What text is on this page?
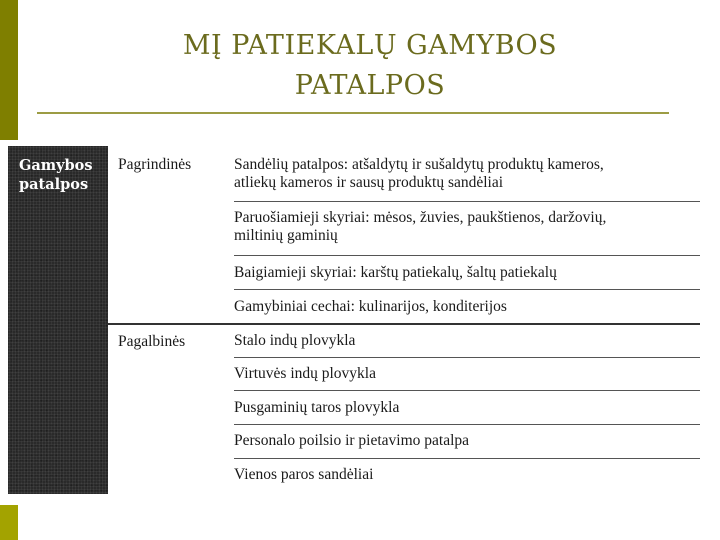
MĮ PATIEKALŲ GAMYBOS
PATALPOS
Gamybos
patalpos
Pagrindinės	Sandėlių patalpos: atšaldytų ir sušaldytų produktų kameros,
atliekų kameros ir sausų produktų sandėliai
Paruošiamieji skyriai: mėsos, žuvies, paukštienos, daržovių,
miltinių gaminių
Baigiamieji skyriai: karštų patiekalų, šaltų patiekalų
Gamybiniai cechai: kulinarijos, konditerijos
Pagalbinės	Stalo indų plovykla
Virtuvės indų plovykla
Pusgaminių taros plovykla
Personalo poilsio ir pietavimo patalpa
Vienos paros sandėliai
